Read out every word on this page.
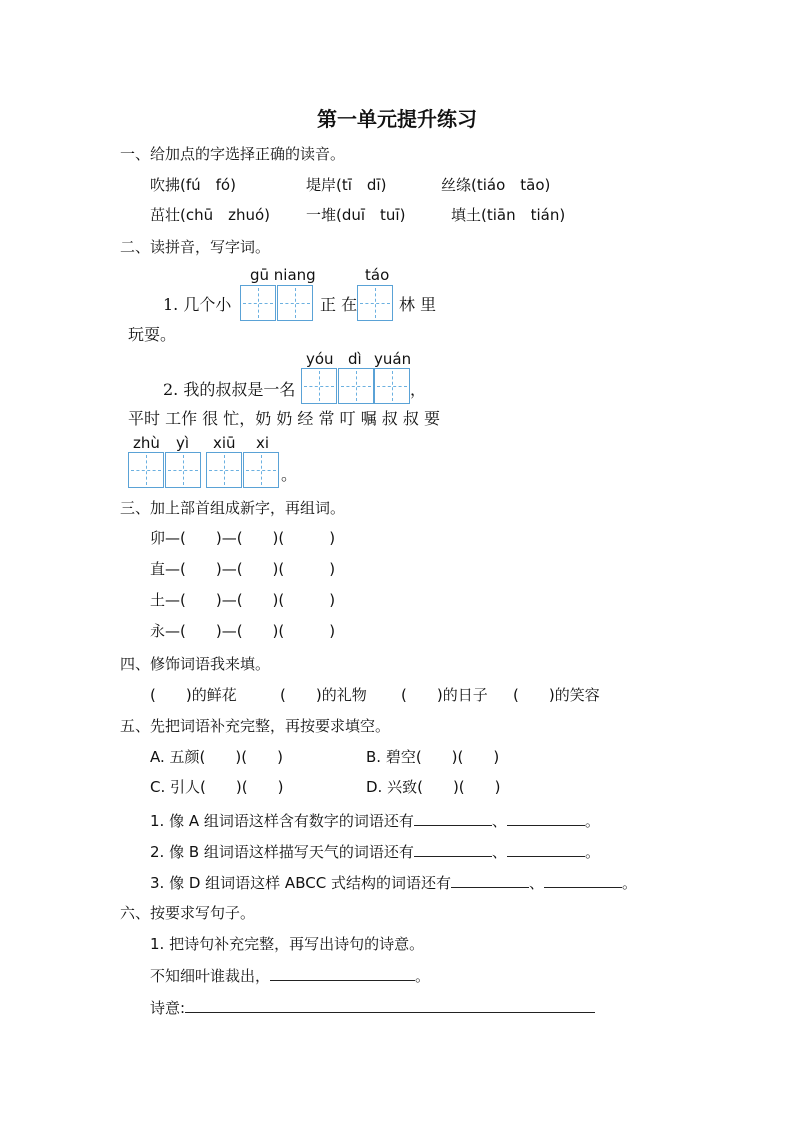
第一单元提升练习
一、给加点的字选择正确的读音。
吹拂(fú　fó)	堤岸(tī　dī)	丝绦(tiáo　tāo)
茁壮(chū　zhuó) 一堆(duī　tuī)	填土(tiān　tián)
二、读拼音，写字词。
gū niang	táo
1. 几个小	正 在	林 里
玩耍。
yóu dì yuán
2. 我的叔叔是一名	，
平时 工作 很 忙，奶 奶 经 常 叮 嘱 叔 叔 要
zhù yì xiū xi
。
三、加上部首组成新字，再组词。
卯—(　　)—(　　)(　　　)
直—(　　)—(　　)(　　　)
土—(　　)—(　　)(　　　)
永—(　　)—(　　)(　　　)
四、修饰词语我来填。
(　　)的鲜花	(　　)的礼物 (　　)的日子 (　　)的笑容
五、先把词语补充完整，再按要求填空。
A. 五颜(　　)(　　)	B. 碧空(　　)(　　)
C. 引人(　　)(　　)	D. 兴致(　　)(　　)
1. 像 A 组词语这样含有数字的词语还有	、	。
2. 像 B 组词语这样描写天气的词语还有	、	。
3. 像 D 组词语这样 ABCC 式结构的词语还有	、	。
六、按要求写句子。
1. 把诗句补充完整，再写出诗句的诗意。
不知细叶谁裁出，	。
诗意:
